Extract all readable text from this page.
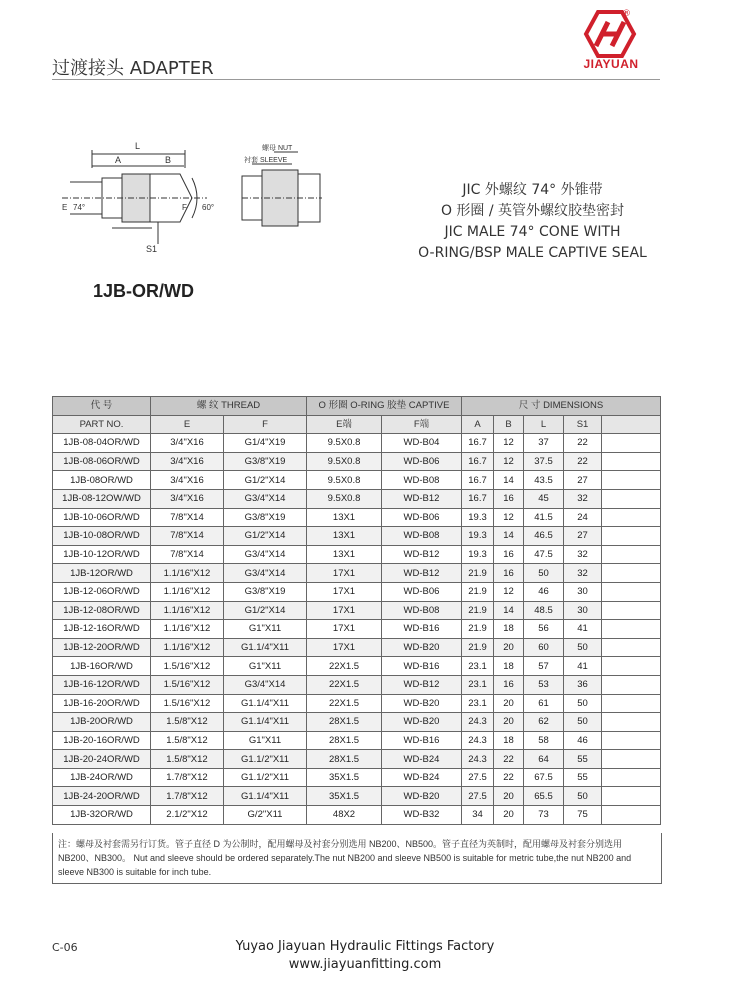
过渡接头 ADAPTER
®
JIAYUAN
L
A	B
E 74°	F 60°
S1
螺母 NUT
衬套 SLEEVE
JIC 外螺纹 74° 外锥带
O 形圈 / 英管外螺纹胶垫密封
JIC MALE 74° CONE WITH
O-RING/BSP MALE CAPTIVE SEAL
1JB-OR/WD
代 号	螺 纹 THREAD		O 形圈 O-RING 胶垫 CAPTIVE		尺 寸 DIMENSIONS				
PART NO.	E	F	E端	F端	A	B	L	S1	
1JB-08-04OR/WD	3/4"X16	G1/4"X19	9.5X0.8	WD-B04	16.7	12	37	22	
1JB-08-06OR/WD	3/4"X16	G3/8"X19	9.5X0.8	WD-B06	16.7	12	37.5	22	
1JB-08OR/WD	3/4"X16	G1/2"X14	9.5X0.8	WD-B08	16.7	14	43.5	27	
1JB-08-12OW/WD	3/4"X16	G3/4"X14	9.5X0.8	WD-B12	16.7	16	45	32	
1JB-10-06OR/WD	7/8"X14	G3/8"X19	13X1	WD-B06	19.3	12	41.5	24	
1JB-10-08OR/WD	7/8"X14	G1/2"X14	13X1	WD-B08	19.3	14	46.5	27	
1JB-10-12OR/WD	7/8"X14	G3/4"X14	13X1	WD-B12	19.3	16	47.5	32	
1JB-12OR/WD	1.1/16"X12	G3/4"X14	17X1	WD-B12	21.9	16	50	32	
1JB-12-06OR/WD	1.1/16"X12	G3/8"X19	17X1	WD-B06	21.9	12	46	30	
1JB-12-08OR/WD	1.1/16"X12	G1/2"X14	17X1	WD-B08	21.9	14	48.5	30	
1JB-12-16OR/WD	1.1/16"X12	G1"X11	17X1	WD-B16	21.9	18	56	41	
1JB-12-20OR/WD	1.1/16"X12	G1.1/4"X11	17X1	WD-B20	21.9	20	60	50	
1JB-16OR/WD	1.5/16"X12	G1"X11	22X1.5	WD-B16	23.1	18	57	41	
1JB-16-12OR/WD	1.5/16"X12	G3/4"X14	22X1.5	WD-B12	23.1	16	53	36	
1JB-16-20OR/WD	1.5/16"X12	G1.1/4"X11	22X1.5	WD-B20	23.1	20	61	50	
1JB-20OR/WD	1.5/8"X12	G1.1/4"X11	28X1.5	WD-B20	24.3	20	62	50	
1JB-20-16OR/WD	1.5/8"X12	G1"X11	28X1.5	WD-B16	24.3	18	58	46	
1JB-20-24OR/WD	1.5/8"X12	G1.1/2"X11	28X1.5	WD-B24	24.3	22	64	55	
1JB-24OR/WD	1.7/8"X12	G1.1/2"X11	35X1.5	WD-B24	27.5	22	67.5	55	
1JB-24-20OR/WD	1.7/8"X12	G1.1/4"X11	35X1.5	WD-B20	27.5	20	65.5	50	
1JB-32OR/WD	2.1/2"X12	G/2"X11	48X2	WD-B32	34	20	73	75	
注：螺母及衬套需另行订货。管子直径 D 为公制时，配用螺母及衬套分别选用 NB200、NB500。管子直径为英制时，配用螺母及衬套分别选用 NB200、NB300。 Nut and sleeve should be ordered separately.The nut NB200 and sleeve NB500 is suitable for metric tube,the nut NB200 and sleeve NB300 is suitable for inch tube.
C-06	Yuyao Jiayuan Hydraulic Fittings Factory
www.jiayuanfitting.com
